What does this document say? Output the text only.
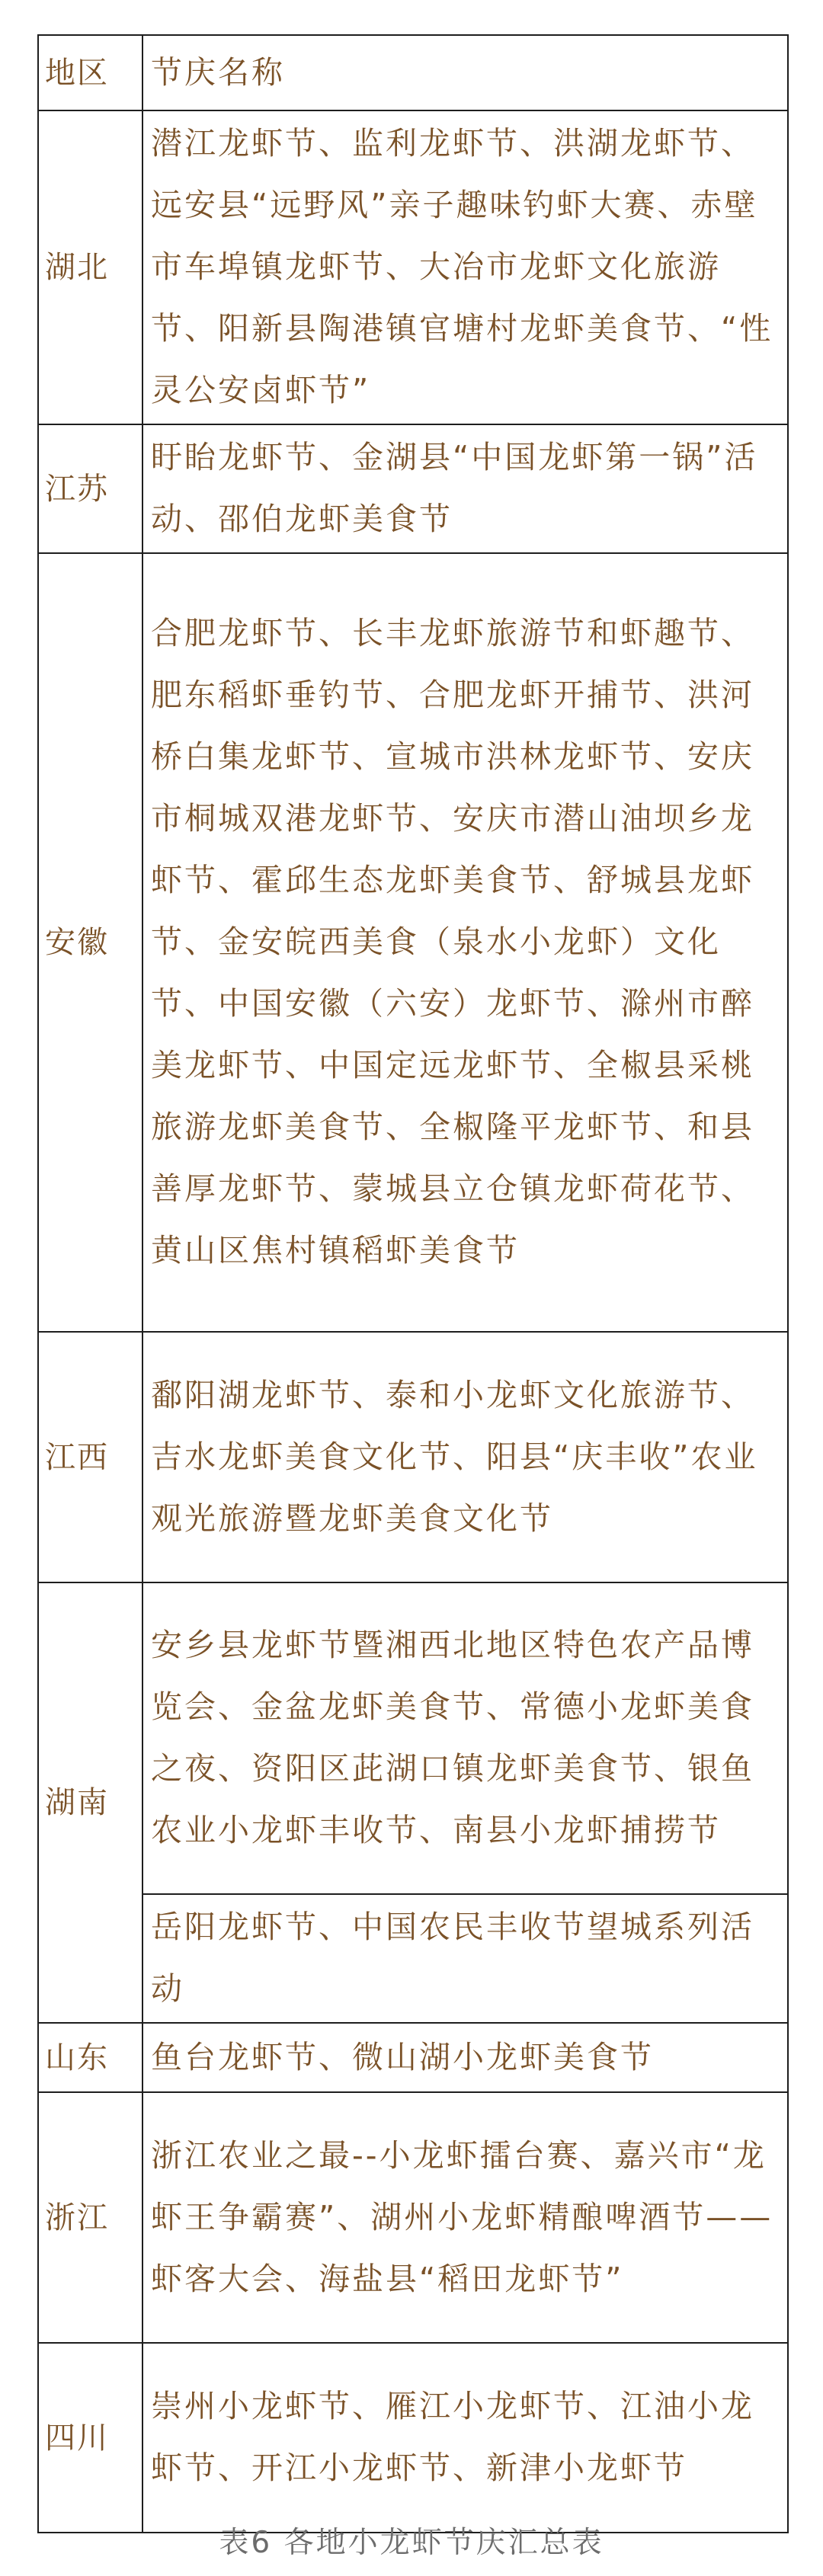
地区	节庆名称
湖北	潜江龙虾节、监利龙虾节、洪湖龙虾节、远安县“远野风”亲子趣味钓虾大赛、赤壁市车埠镇龙虾节、大冶市龙虾文化旅游节、阳新县陶港镇官塘村龙虾美食节、“性灵公安卤虾节”
江苏	盱眙龙虾节、金湖县“中国龙虾第一锅”活动、邵伯龙虾美食节
安徽	合肥龙虾节、长丰龙虾旅游节和虾趣节、肥东稻虾垂钓节、合肥龙虾开捕节、洪河桥白集龙虾节、宣城市洪林龙虾节、安庆市桐城双港龙虾节、安庆市潜山油坝乡龙虾节、霍邱生态龙虾美食节、舒城县龙虾节、金安皖西美食（泉水小龙虾）文化节、中国安徽（六安）龙虾节、滁州市醉美龙虾节、中国定远龙虾节、全椒县采桃旅游龙虾美食节、全椒隆平龙虾节、和县善厚龙虾节、蒙城县立仓镇龙虾荷花节、黄山区焦村镇稻虾美食节
江西	鄱阳湖龙虾节、泰和小龙虾文化旅游节、吉水龙虾美食文化节、阳县“庆丰收”农业观光旅游暨龙虾美食文化节
湖南	安乡县龙虾节暨湘西北地区特色农产品博览会、金盆龙虾美食节、常德小龙虾美食之夜、资阳区茈湖口镇龙虾美食节、银鱼农业小龙虾丰收节、南县小龙虾捕捞节
	岳阳龙虾节、中国农民丰收节望城系列活动
山东	鱼台龙虾节、微山湖小龙虾美食节
浙江	浙江农业之最--小龙虾擂台赛、嘉兴市“龙虾王争霸赛”、湖州小龙虾精酿啤酒节——虾客大会、海盐县“稻田龙虾节”
四川	崇州小龙虾节、雁江小龙虾节、江油小龙虾节、开江小龙虾节、新津小龙虾节
表6 各地小龙虾节庆汇总表
